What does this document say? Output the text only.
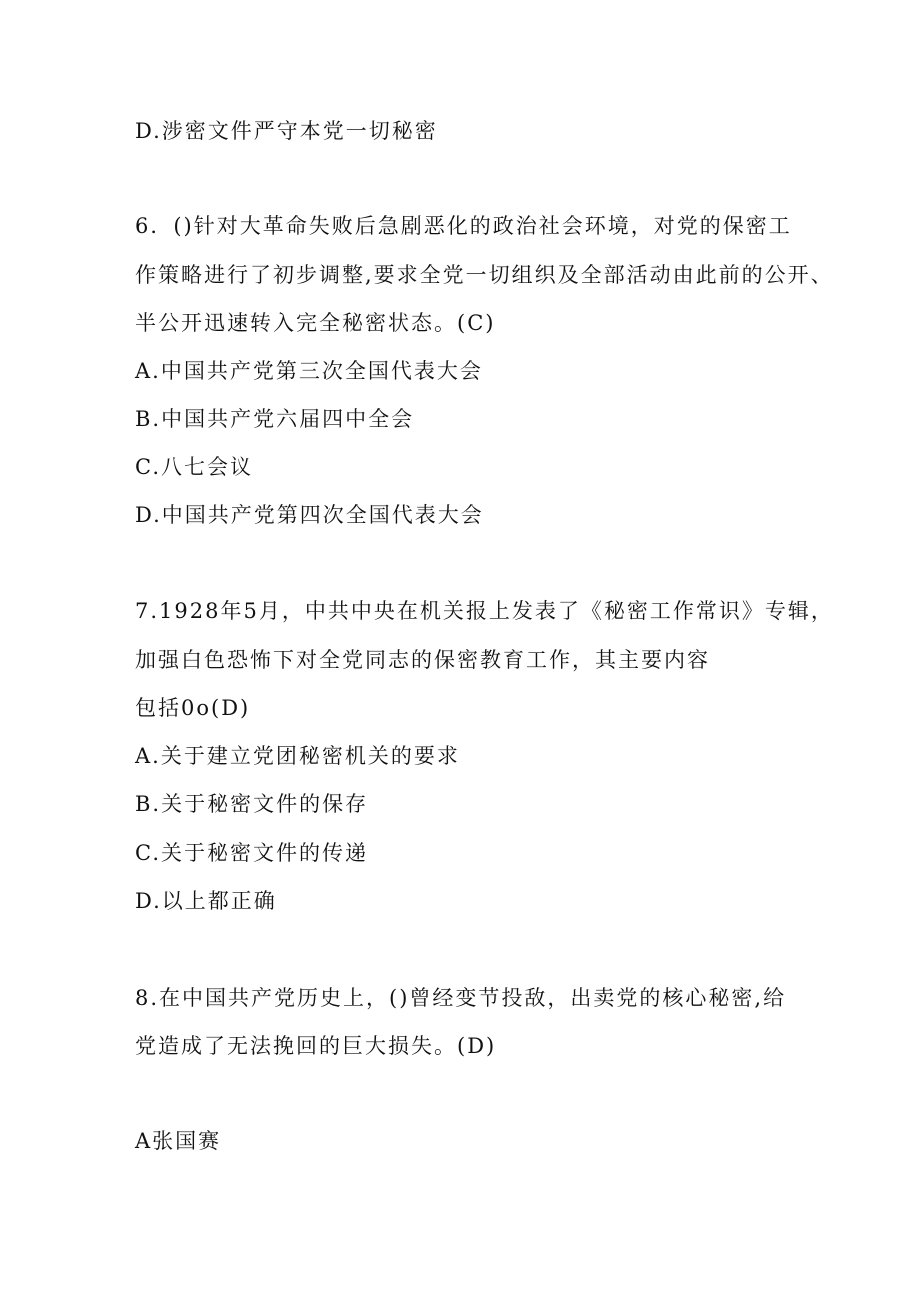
D.涉密文件严守本党一切秘密
6．()针对大革命失败后急剧恶化的政治社会环境，对党的保密工
作策略进行了初步调整,要求全党一切组织及全部活动由此前的公开、
半公开迅速转入完全秘密状态。(C)
A.中国共产党第三次全国代表大会
B.中国共产党六届四中全会
C.八七会议
D.中国共产党第四次全国代表大会
7.1928年5月，中共中央在机关报上发表了《秘密工作常识》专辑，
加强白色恐怖下对全党同志的保密教育工作，其主要内容
包括0o(D)
A.关于建立党团秘密机关的要求
B.关于秘密文件的保存
C.关于秘密文件的传递
D.以上都正确
8.在中国共产党历史上，()曾经变节投敌，出卖党的核心秘密,给
党造成了无法挽回的巨大损失。(D)
A张国赛
